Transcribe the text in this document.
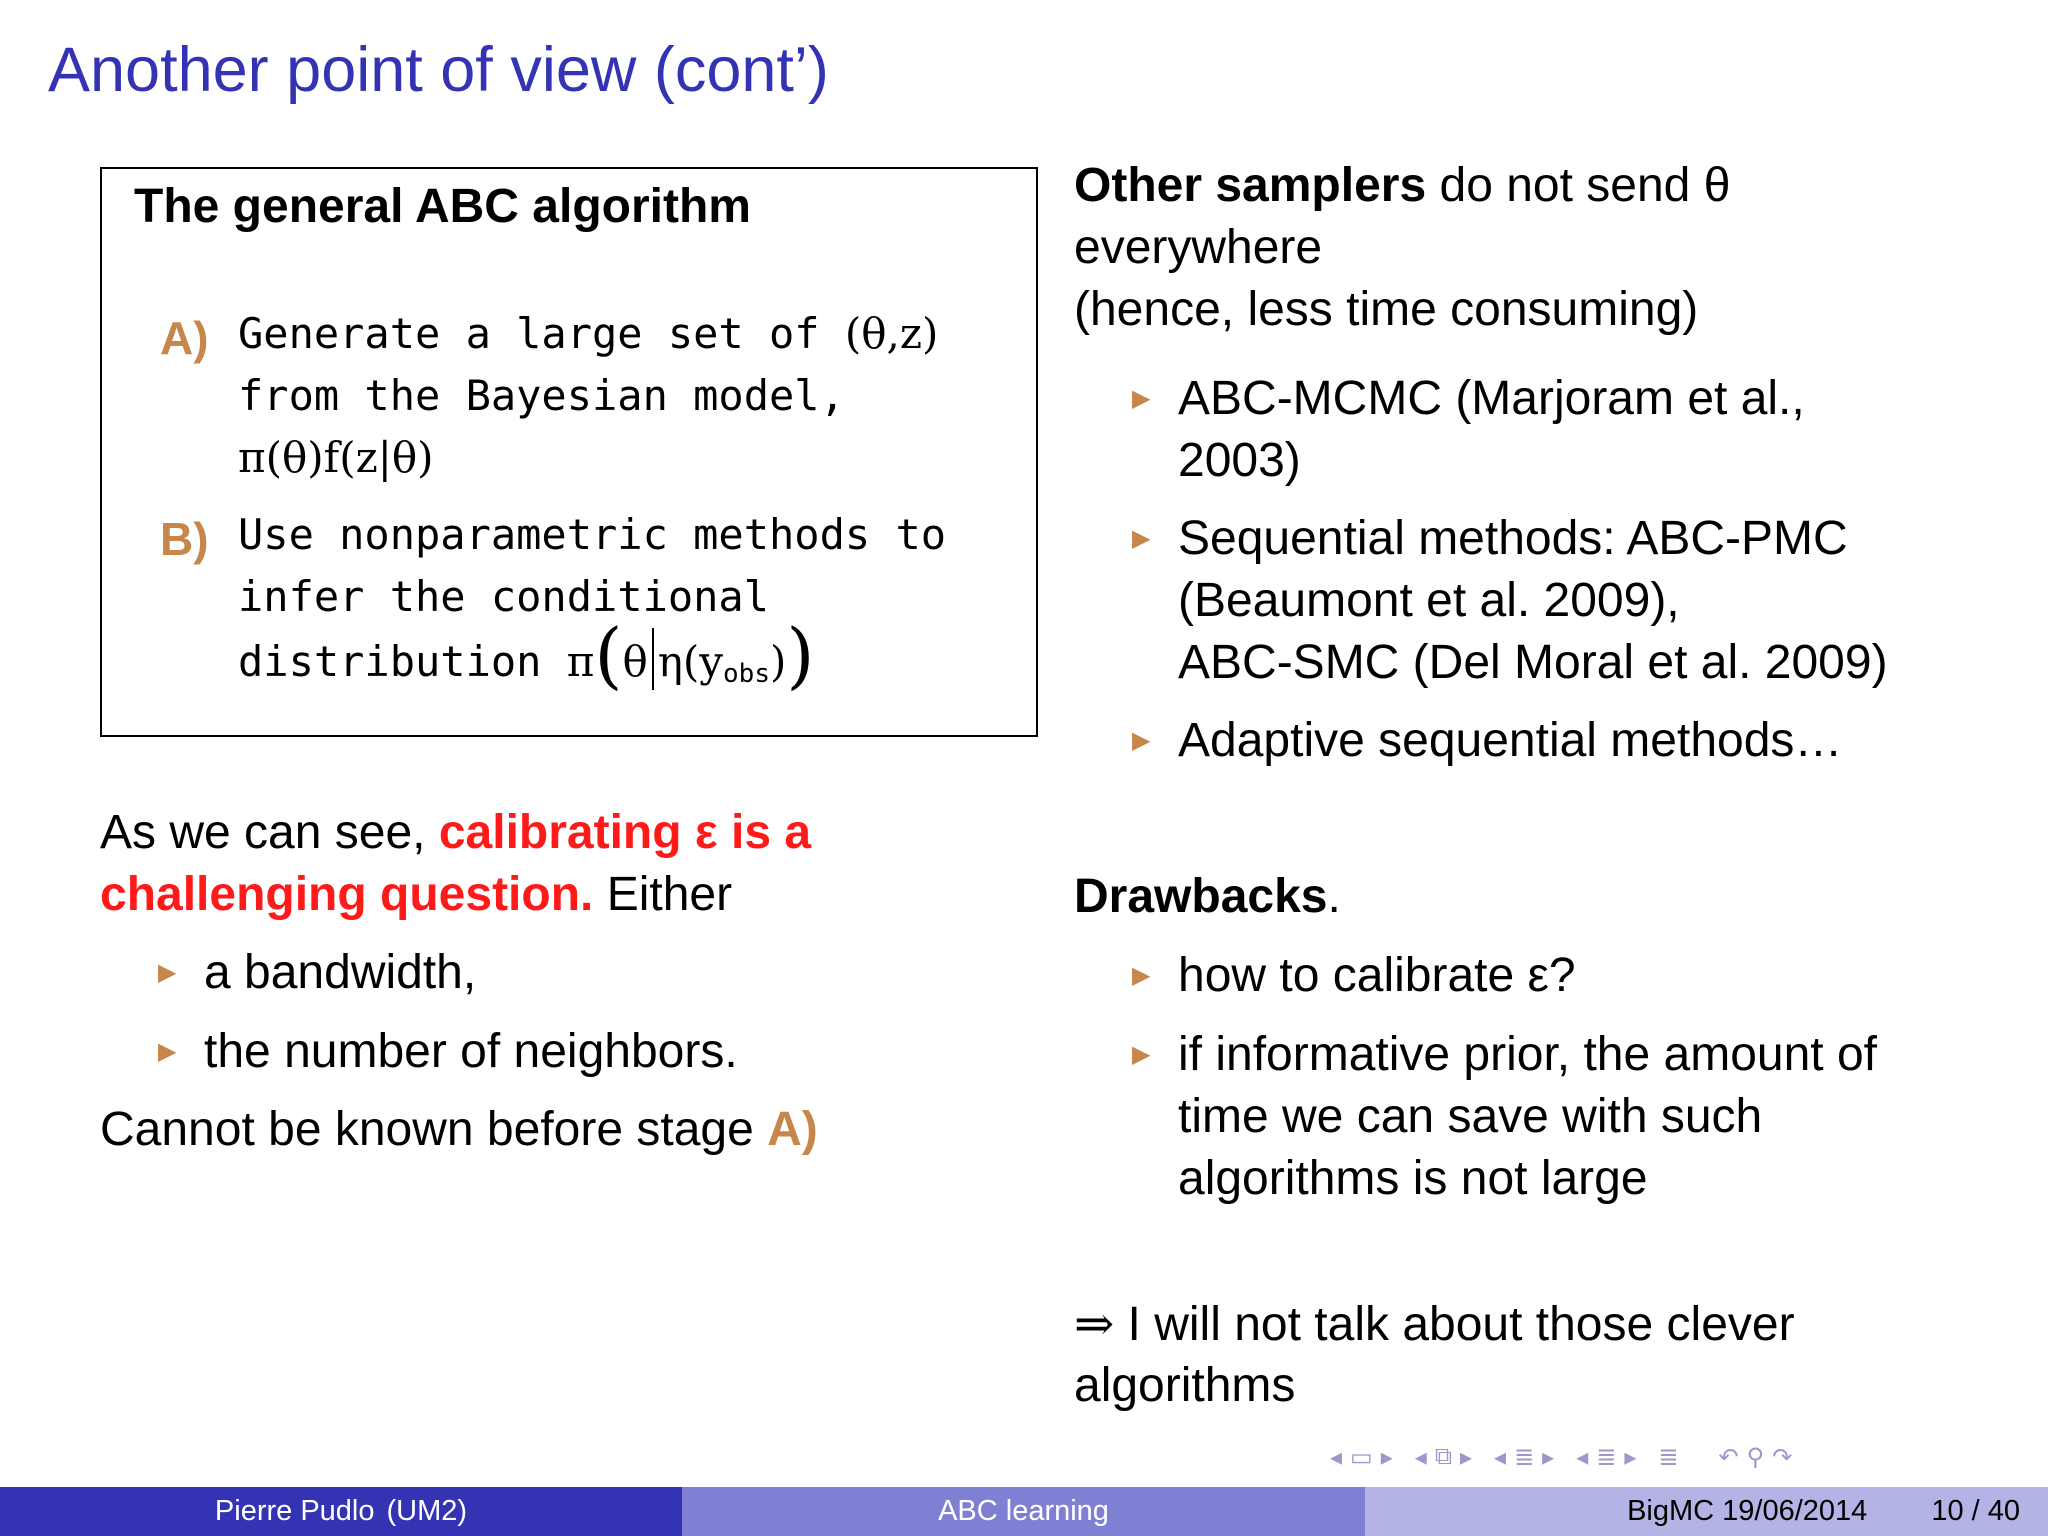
Another point of view (cont’)
The general ABC algorithm
A) Generate a large set of (θ,z)
from the Bayesian model,
π(θ)f(z|θ)
B) Use nonparametric methods to
infer the conditional
distribution π(θ $\eta(y_{obs})$)
As we can see, calibrating ε is a
challenging question. Either
▶ a bandwidth,
▶ the number of neighbors.
Cannot be known before stage A)
Other samplers do not send θ
everywhere
(hence, less time consuming)
▶ ABC-MCMC (Marjoram et al.,
2003)
▶ Sequential methods: ABC-PMC
(Beaumont et al. 2009),
ABC-SMC (Del Moral et al. 2009)
▶ Adaptive sequential methods…
Drawbacks.
▶ how to calibrate ε?
▶ if informative prior, the amount of
time we can save with such
algorithms is not large
⇒ I will not talk about those clever
algorithms
◂ ▭ ▸ ◂ ⧉ ▸ ◂ ≣ ▸ ◂ ≣ ▸ ≣ ↶ ⚲ ↷
Pierre Pudlo (UM2)	ABC learning	BigMC 19/06/2014 10 / 40
